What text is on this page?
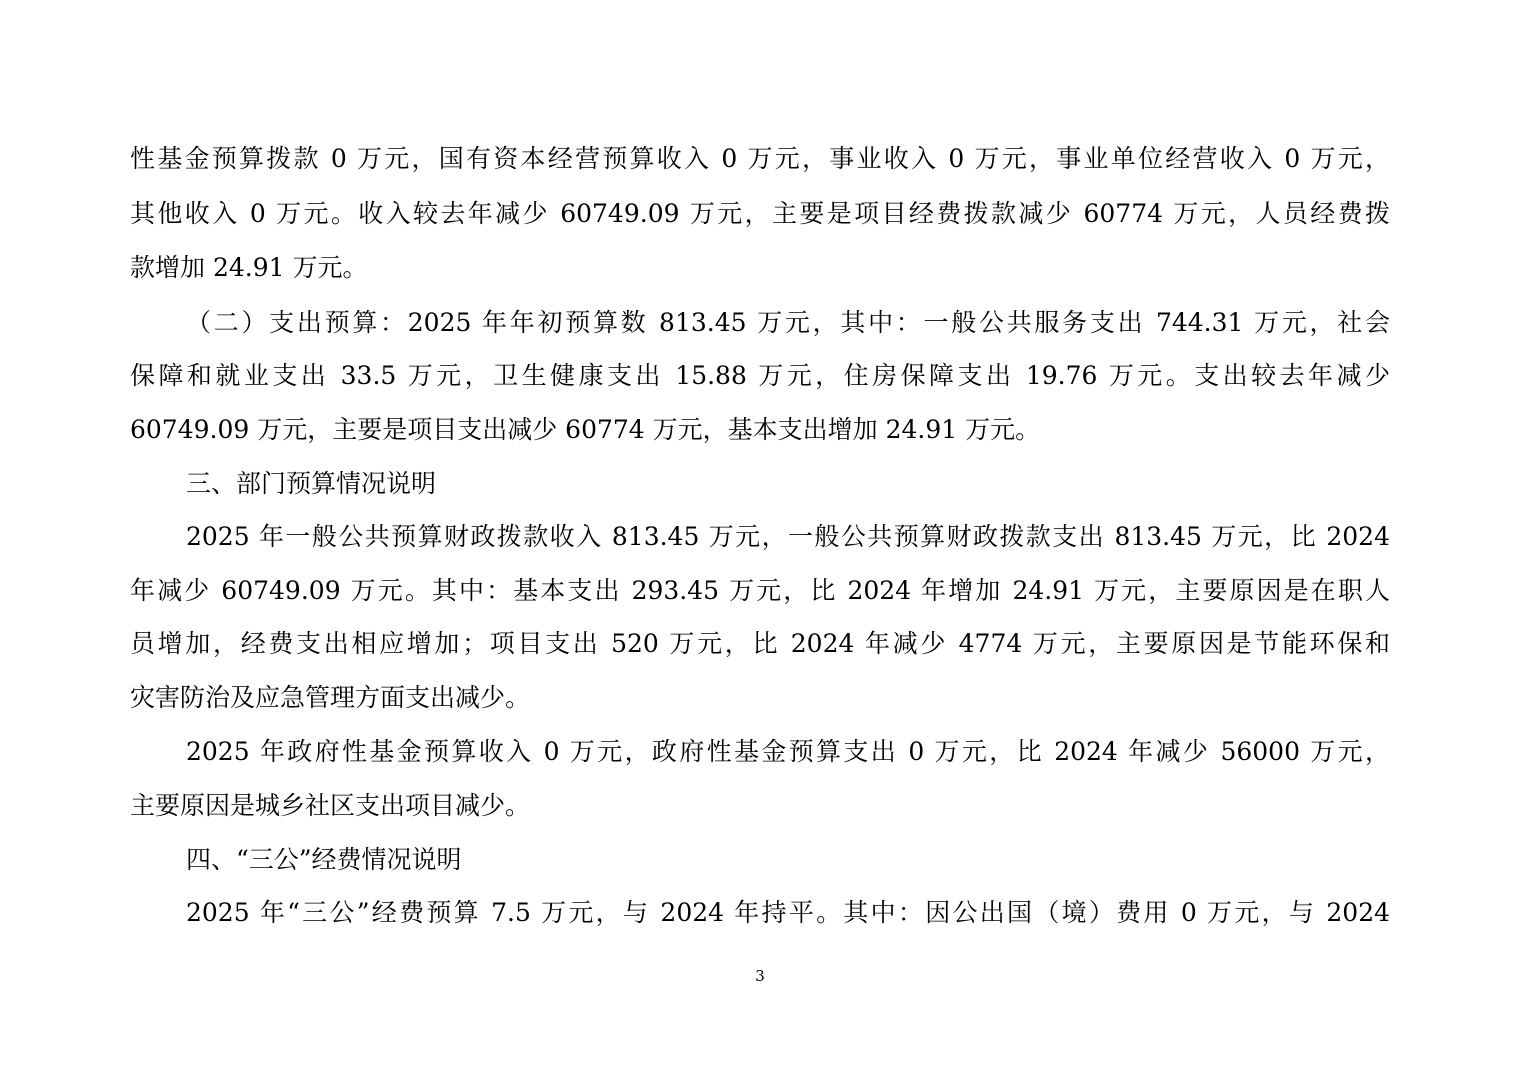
性基金预算拨款 0 万元，国有资本经营预算收入 0 万元，事业收入 0 万元，事业单位经营收入 0 万元，
其他收入 0 万元。收入较去年减少 60749.09 万元，主要是项目经费拨款减少 60774 万元，人员经费拨
款增加 24.91 万元。
（二）支出预算：2025 年年初预算数 813.45 万元，其中：一般公共服务支出 744.31 万元，社会
保障和就业支出 33.5 万元，卫生健康支出 15.88 万元，住房保障支出 19.76 万元。支出较去年减少
60749.09 万元，主要是项目支出减少 60774 万元，基本支出增加 24.91 万元。
三、部门预算情况说明
2025 年一般公共预算财政拨款收入 813.45 万元，一般公共预算财政拨款支出 813.45 万元，比 2024
年减少 60749.09 万元。其中：基本支出 293.45 万元，比 2024 年增加 24.91 万元，主要原因是在职人
员增加，经费支出相应增加；项目支出 520 万元，比 2024 年减少 4774 万元，主要原因是节能环保和
灾害防治及应急管理方面支出减少。
2025 年政府性基金预算收入 0 万元，政府性基金预算支出 0 万元，比 2024 年减少 56000 万元，
主要原因是城乡社区支出项目减少。
四、“三公”经费情况说明
2025 年“三公”经费预算 7.5 万元，与 2024 年持平。其中：因公出国（境）费用 0 万元，与 2024
3
